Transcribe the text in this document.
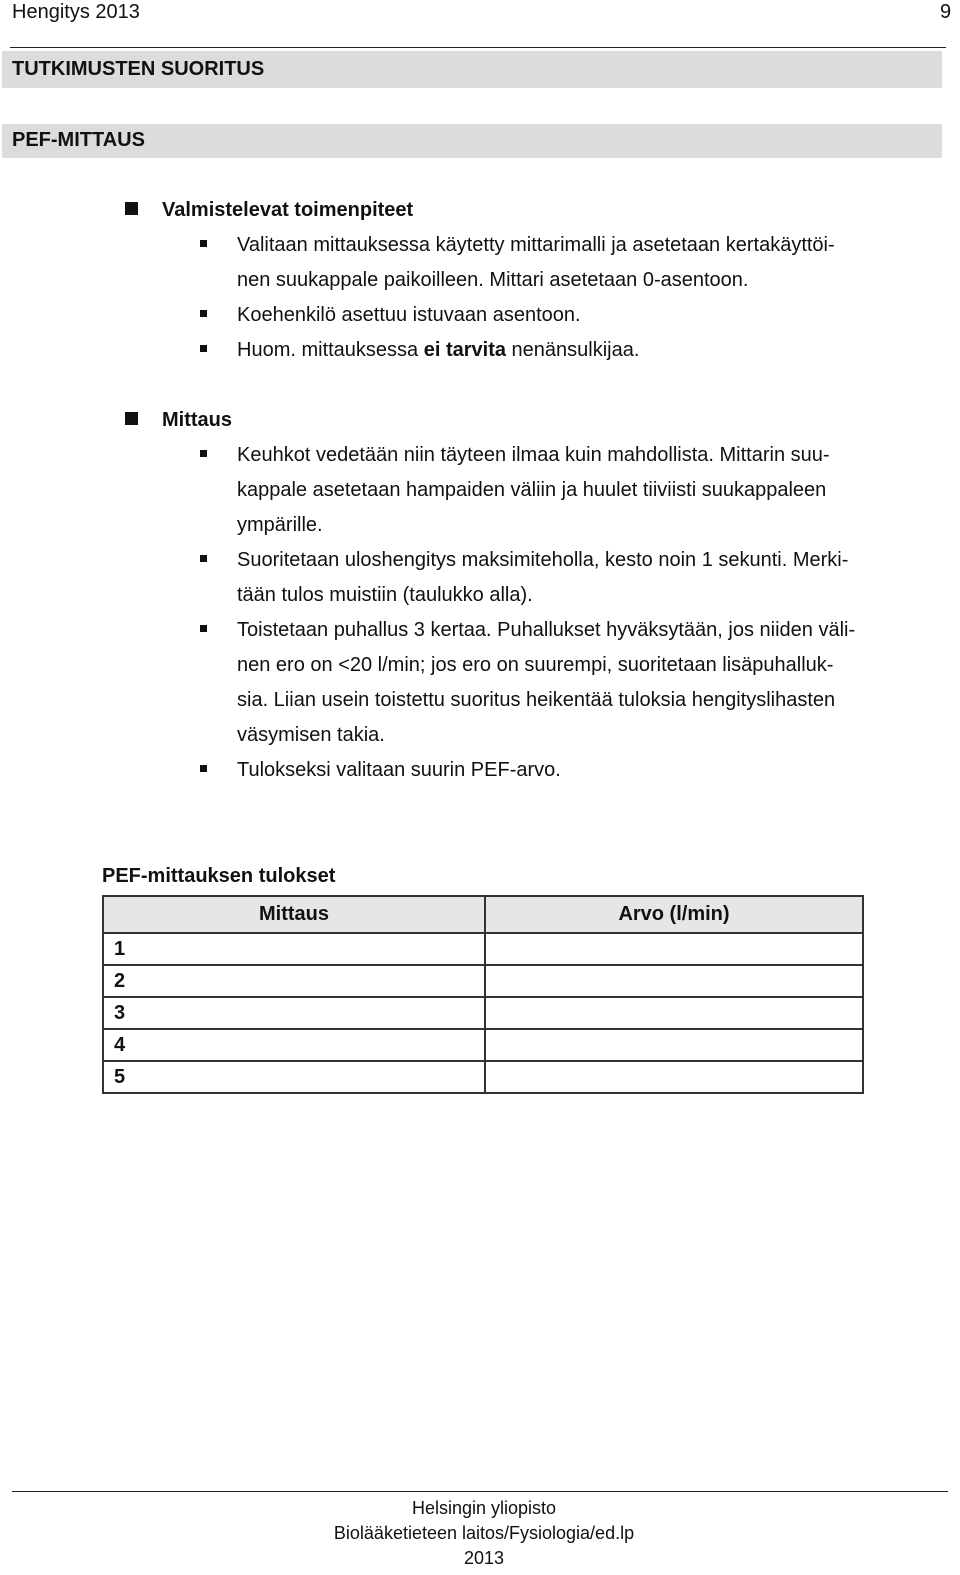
Hengitys 2013	9
TUTKIMUSTEN SUORITUS
PEF-MITTAUS
Valmistelevat toimenpiteet
Valitaan mittauksessa käytetty mittarimalli ja asetetaan kertakäyttöi-
nen suukappale paikoilleen. Mittari asetetaan 0-asentoon.
Koehenkilö asettuu istuvaan asentoon.
Huom. mittauksessa ei tarvita nenänsulkijaa.
Mittaus
Keuhkot vedetään niin täyteen ilmaa kuin mahdollista. Mittarin suu-
kappale asetetaan hampaiden väliin ja huulet tiiviisti suukappaleen
ympärille.
Suoritetaan uloshengitys maksimiteholla, kesto noin 1 sekunti. Merki-
tään tulos muistiin (taulukko alla).
Toistetaan puhallus 3 kertaa. Puhallukset hyväksytään, jos niiden väli-
nen ero on <20 l/min; jos ero on suurempi, suoritetaan lisäpuhalluk-
sia. Liian usein toistettu suoritus heikentää tuloksia hengityslihasten
väsymisen takia.
Tulokseksi valitaan suurin PEF-arvo.
PEF-mittauksen tulokset
Mittaus	Arvo (l/min)
1	
2	
3	
4	
5	
Helsingin yliopisto
Biolääketieteen laitos/Fysiologia/ed.lp
2013
